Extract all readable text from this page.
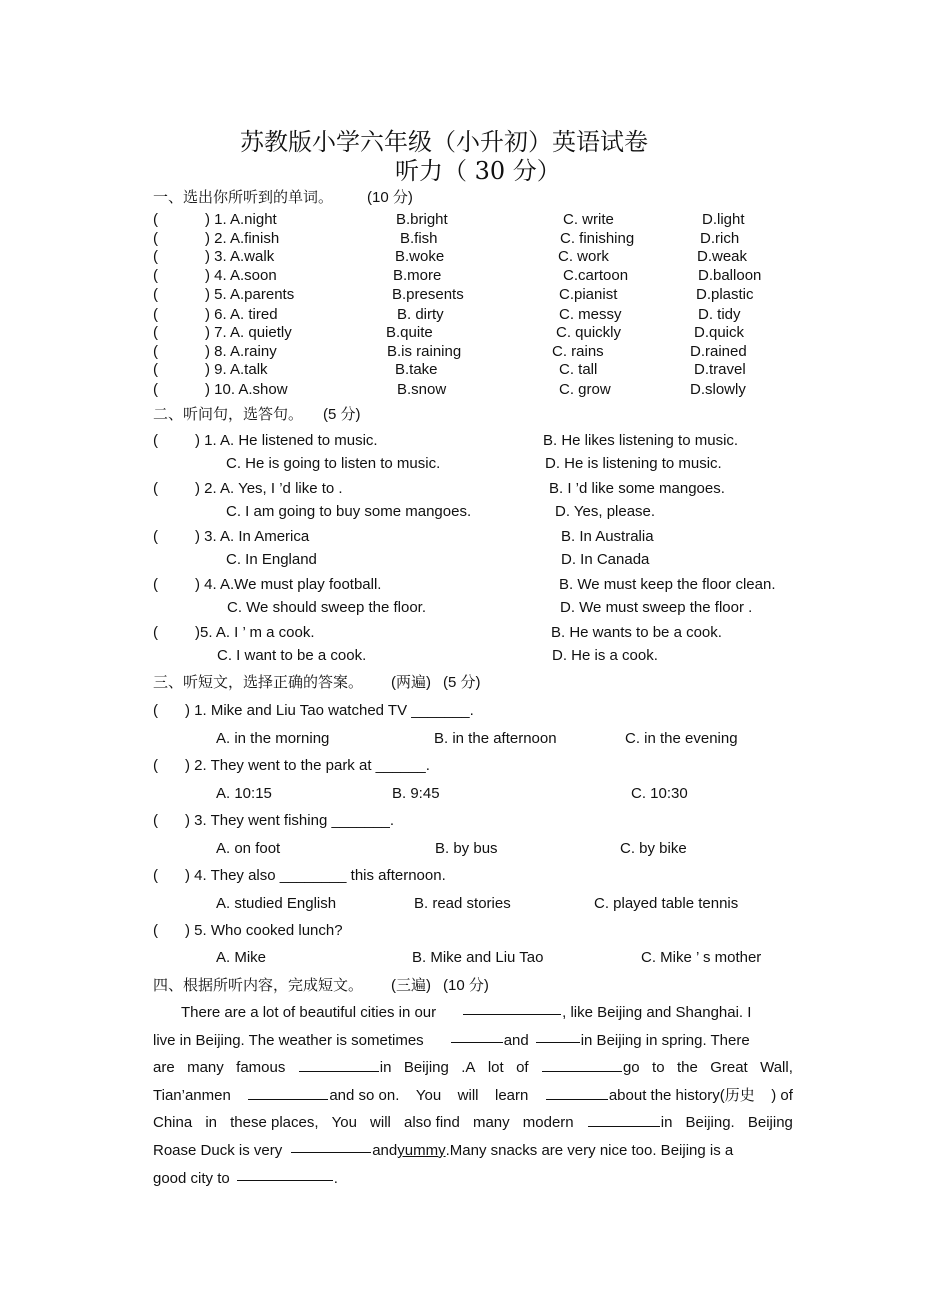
苏教版小学六年级（小升初）英语试卷
听力（ 30 分）
一、选出你所听到的单词。 (10 分)
(	) 1. A.night	B.bright	C. write	D.light
(	) 2. A.finish	B.fish	C. finishing	D.rich
(	) 3. A.walk	B.woke	C. work	D.weak
(	) 4. A.soon	B.more	C.cartoon	D.balloon
(	) 5. A.parents	B.presents	C.pianist	D.plastic
(	) 6. A. tired	B. dirty	C. messy	D. tidy
(	) 7. A. quietly	B.quite	C. quickly	D.quick
(	) 8. A.rainy	B.is raining	C. rains	D.rained
(	) 9. A.talk	B.take	C. tall	D.travel
(	) 10. A.show	B.snow	C. grow	D.slowly
二、听问句，选答句。 (5 分)
( ) 1. A. He listened to music.	B. He likes listening to music.
C. He is going to listen to music.	D. He is listening to music.
( ) 2. A. Yes, I ’d like to .	B. I ’d like some mangoes.
C. I am going to buy some mangoes.	D. Yes, please.
( ) 3. A. In America	B. In Australia
C. In England	D. In Canada
( ) 4. A.We must play football.	B. We must keep the floor clean.
C. We should sweep the floor.	D. We must sweep the floor .
( )5. A. I ’ m a cook.	B. He wants to be a cook.
C. I want to be a cook.	D. He is a cook.
三、听短文，选择正确的答案。 (两遍) (5 分)
( ) 1. Mike and Liu Tao watched TV _______.
A. in the morning	B. in the afternoon	C. in the evening
( ) 2. They went to the park at ______.
A. 10:15	B. 9:45	C. 10:30
( ) 3. They went fishing _______.
A. on foot	B. by bus	C. by bike
( ) 4. They also ________ this afternoon.
A. studied English	B. read stories	C. played table tennis
( ) 5. Who cooked lunch?
A. Mike	B. Mike and Liu Tao	C. Mike ’ s mother
四、根据所听内容，完成短文。 (三遍) (10 分)
There are a lot of beautiful cities in our	, like Beijing and Shanghai. I
live in Beijing. The weather is sometimes	and	in Beijing in spring. There
are many famous	in Beijing .A lot of	go to the Great Wall,
Tian’anmen	and so on. You will learn	about the history(历史 ) of
China in these places, You will also find many modern	in Beijing. Beijing
Roase Duck is very	and yummy .Many snacks are very nice too. Beijing is a
good city to	.
